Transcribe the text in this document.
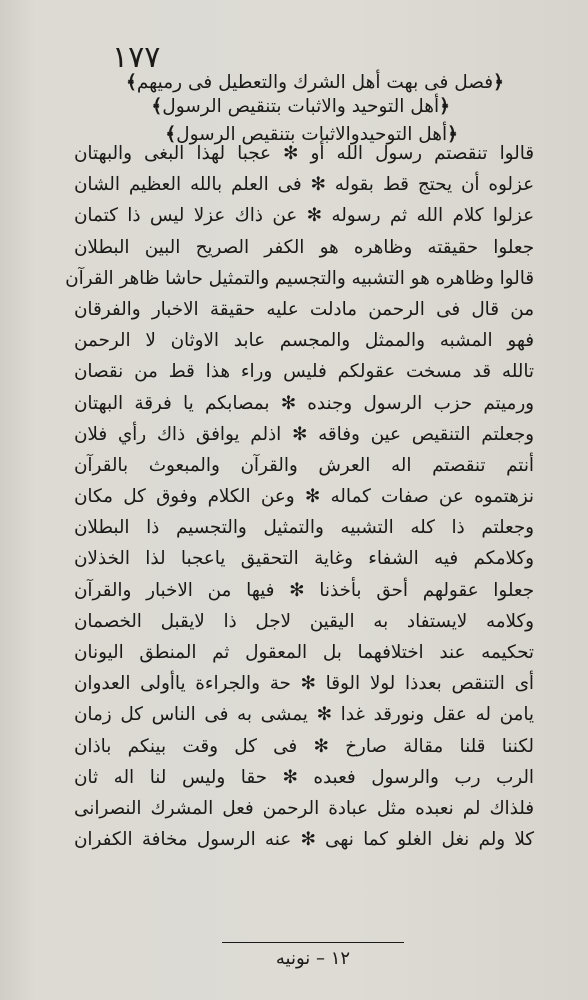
١٧٧
﴿فصل فى بهت أهل الشرك والتعطيل فى رميهم﴾
﴿أهل التوحيد والاثبات بتنقيص الرسول﴾
﴿أهل التوحيدوالاثبات بتنقيص الرسول﴾
قالوا تنقصتم رسول الله أو ✻ عجبا لهذا البغى والبهتان
عزلوه أن يحتج قط بقوله ✻ فى العلم بالله العظيم الشان
عزلوا كلام الله ثم رسوله ✻ عن ذاك عزلا ليس ذا كتمان
جعلوا حقيقته وظاهره هو الكفر الصريح البين البطلان
قالوا وظاهره هو التشبيه والتجسيم والتمثيل حاشا ظاهر القرآن
من قال فى الرحمن مادلت عليه حقيقة الاخبار والفرقان
فهو المشبه والممثل والمجسم عابد الاوثان لا الرحمن
تالله قد مسخت عقولكم فليس وراء هذا قط من نقصان
ورميتم حزب الرسول وجنده ✻ بمصابكم يا فرقة البهتان
وجعلتم التنقيص عين وفاقه ✻ اذلم يوافق ذاك رأي فلان
أنتم تنقصتم اله العرش والقرآن والمبعوث بالقرآن
نزهتموه عن صفات كماله ✻ وعن الكلام وفوق كل مكان
وجعلتم ذا كله التشبيه والتمثيل والتجسيم ذا البطلان
وكلامكم فيه الشفاء وغاية التحقيق ياعجبا لذا الخذلان
جعلوا عقولهم أحق بأخذنا ✻ فيها من الاخبار والقرآن
وكلامه لايستفاد به اليقين لاجل ذا لايقبل الخصمان
تحكيمه عند اختلافهما بل المعقول ثم المنطق اليونان
أى التنقص بعدذا لولا الوقا ✻ حة والجراءة ياأولى العدوان
يامن له عقل ونورقد غدا ✻ يمشى به فى الناس كل زمان
لكننا قلنا مقالة صارخ ✻ فى كل وقت بينكم باذان
الرب رب والرسول فعبده ✻ حقا وليس لنا اله ثان
فلذاك لم نعبده مثل عبادة الرحمن فعل المشرك النصرانى
كلا ولم نغل الغلو كما نهى ✻ عنه الرسول مخافة الكفران
١٢ – نونيه
